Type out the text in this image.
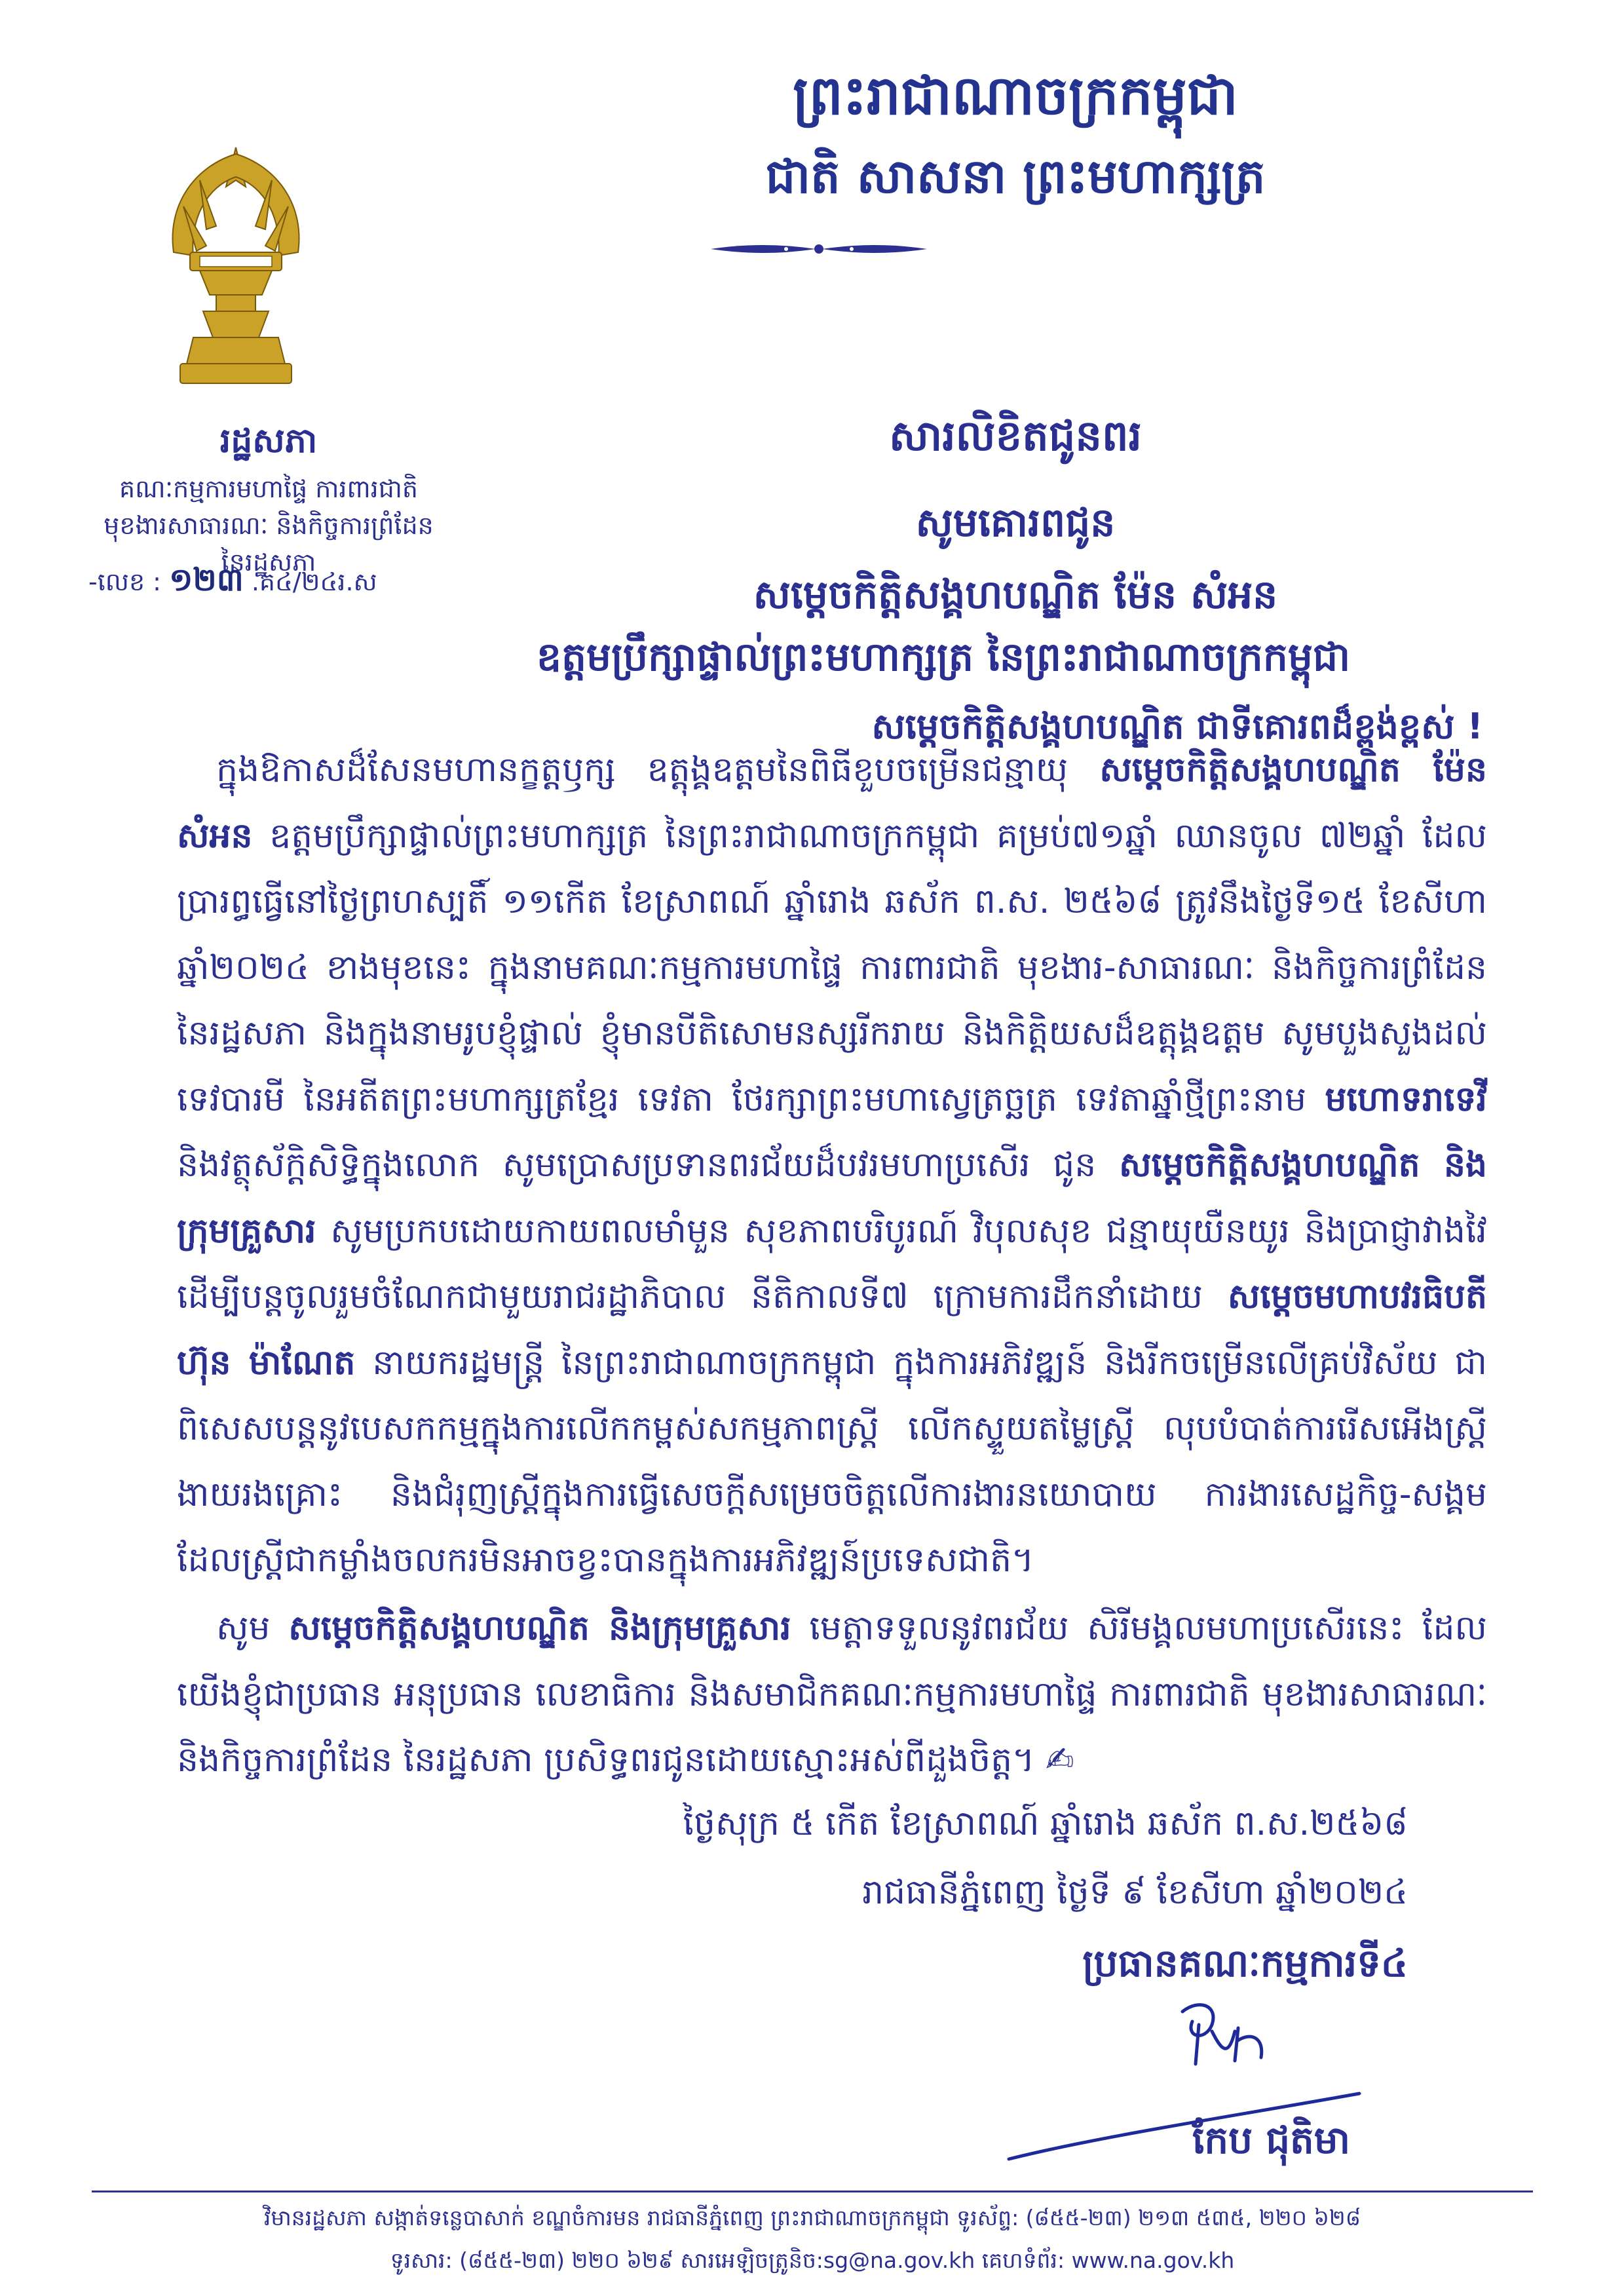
ព្រះរាជាណាចក្រកម្ពុជា
ជាតិ សាសនា ព្រះមហាក្សត្រ
រដ្ឋសភា
គណៈកម្មការមហាផ្ទៃ ការពារជាតិ
មុខងារសាធារណៈ និងកិច្ចការព្រំដែន
នៃរដ្ឋសភា
-លេខ : ១២៣ .គ៤/២៤រ.ស
សារលិខិតជូនពរ
សូមគោរពជូន
សម្តេចកិត្តិសង្គហបណ្ឌិត ម៉ែន សំអន
ឧត្តមប្រឹក្សាផ្ទាល់ព្រះមហាក្សត្រ នៃព្រះរាជាណាចក្រកម្ពុជា
សម្តេចកិត្តិសង្គហបណ្ឌិត ជាទីគោរពដ៏ខ្ពង់ខ្ពស់ !
ក្នុងឱកាសដ៏សែនមហានក្ខត្តឫក្ស ឧត្តុង្គឧត្តមនៃពិធីខួបចម្រើនជន្មាយុ សម្តេចកិត្តិសង្គហបណ្ឌិត ម៉ែន សំអន ឧត្តមប្រឹក្សាផ្ទាល់ព្រះមហាក្សត្រ នៃព្រះរាជាណាចក្រកម្ពុជា គម្រប់៧១ឆ្នាំ ឈានចូល ៧២ឆ្នាំ ដែលប្រារព្ធធ្វើនៅថ្ងៃព្រហស្បតិ៍ ១១កើត ខែស្រាពណ៍ ឆ្នាំរោង ឆស័ក ព.ស. ២៥៦៨ ត្រូវនឹងថ្ងៃទី១៥ ខែសីហា ឆ្នាំ២០២៤ ខាងមុខនេះ ក្នុងនាមគណៈកម្មការមហាផ្ទៃ ការពារជាតិ មុខងារ-សាធារណៈ និងកិច្ចការព្រំដែន នៃរដ្ឋសភា និងក្នុងនាមរូបខ្ញុំផ្ទាល់ ខ្ញុំមានបីតិសោមនស្សរីករាយ និងកិត្តិយសដ៏ឧត្តុង្គឧត្តម សូមបួងសួងដល់ទេវបារមី នៃអតីតព្រះមហាក្សត្រខ្មែរ ទេវតា ថែរក្សាព្រះមហាស្វេត្រច្ឆត្រ ទេវតាឆ្នាំថ្មីព្រះនាម មហោទរាទេវី និងវត្ថុស័ក្តិសិទ្ធិក្នុងលោក សូមប្រោសប្រទានពរជ័យដ៏បវរមហាប្រសើរ ជូន សម្តេចកិត្តិសង្គហបណ្ឌិត និងក្រុមគ្រួសារ សូមប្រកបដោយកាយពលមាំមួន សុខភាពបរិបូរណ៍ វិបុលសុខ ជន្មាយុយឺនយូរ និងប្រាជ្ញាវាងវៃ ដើម្បីបន្តចូលរួមចំណែកជាមួយរាជរដ្ឋាភិបាល នីតិកាលទី៧ ក្រោមការដឹកនាំដោយ សម្តេចមហាបវរធិបតី ហ៊ុន ម៉ាណែត នាយករដ្ឋមន្ត្រី នៃព្រះរាជាណាចក្រកម្ពុជា ក្នុងការអភិវឌ្ឍន៍ និងរីកចម្រើនលើគ្រប់វិស័យ ជាពិសេសបន្តនូវបេសកកម្មក្នុងការលើកកម្ពស់សកម្មភាពស្ត្រី លើកស្ទួយតម្លៃស្ត្រី លុបបំបាត់ការរើសអើងស្ត្រីងាយរងគ្រោះ និងជំរុញស្ត្រីក្នុងការធ្វើសេចក្តីសម្រេចចិត្តលើការងារនយោបាយ ការងារសេដ្ឋកិច្ច-សង្គម ដែលស្ត្រីជាកម្លាំងចលករមិនអាចខ្វះបានក្នុងការអភិវឌ្ឍន៍ប្រទេសជាតិ។
សូម សម្តេចកិត្តិសង្គហបណ្ឌិត និងក្រុមគ្រួសារ មេត្តាទទួលនូវពរជ័យ សិរីមង្គលមហាប្រសើរនេះ ដែលយើងខ្ញុំជាប្រធាន អនុប្រធាន លេខាធិការ និងសមាជិកគណៈកម្មការមហាផ្ទៃ ការពារជាតិ មុខងារសាធារណៈ និងកិច្ចការព្រំដែន នៃរដ្ឋសភា ប្រសិទ្ធពរជូនដោយស្មោះអស់ពីដួងចិត្ត។ ✍
ថ្ងៃសុក្រ ៥ កើត ខែស្រាពណ៍ ឆ្នាំរោង ឆស័ក ព.ស.២៥៦៨
រាជធានីភ្នំពេញ ថ្ងៃទី ៩ ខែសីហា ឆ្នាំ២០២៤
ប្រធានគណៈកម្មការទី៤
កែប ជុតិមា
វិមានរដ្ឋសភា សង្កាត់ទន្លេបាសាក់ ខណ្ឌចំការមន រាជធានីភ្នំពេញ ព្រះរាជាណាចក្រកម្ពុជា ទូរស័ព្ទ: (៨៥៥-២៣) ២១៣ ៥៣៥, ២២០ ៦២៨
ទូរសារ: (៨៥៥-២៣) ២២០ ៦២៩ សារអេឡិចត្រូនិច:sg@na.gov.kh គេហទំព័រ: www.na.gov.kh
